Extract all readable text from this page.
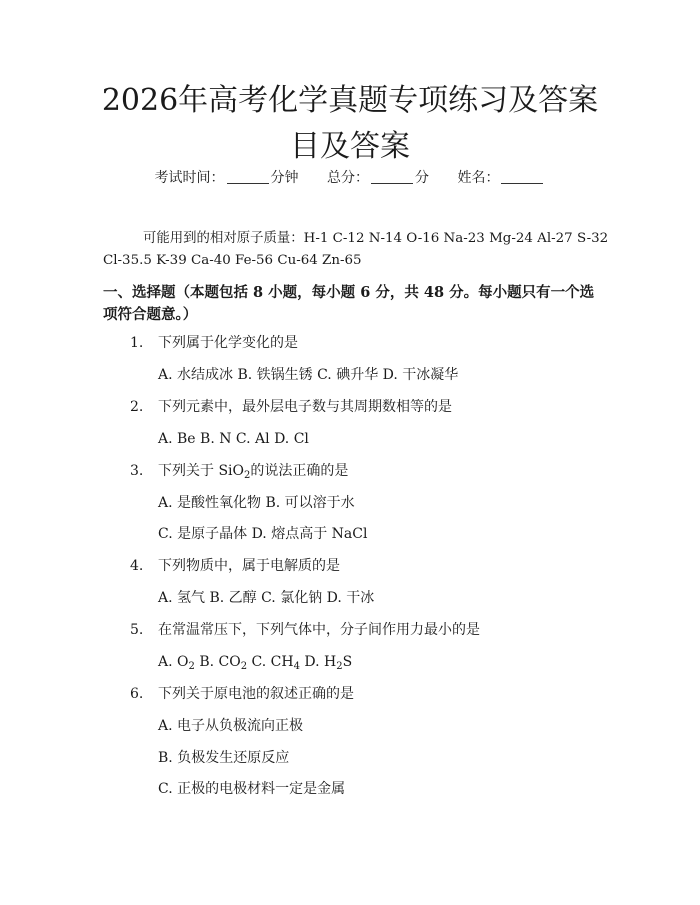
2026年高考化学真题专项练习及答案目及答案
考试时间：	分钟 总分：	分 姓名：
可能用到的相对原子质量：H-1 C-12 N-14 O-16 Na-23 Mg-24 Al-27 S-32
Cl-35.5 K-39 Ca-40 Fe-56 Cu-64 Zn-65
一、选择题（本题包括 8 小题，每小题 6 分，共 48 分。每小题只有一个选项符合题意。）
1. 下列属于化学变化的是
A. 水结成冰 B. 铁锅生锈 C. 碘升华 D. 干冰凝华
2. 下列元素中，最外层电子数与其周期数相等的是
A. Be B. N C. Al D. Cl
3. 下列关于 SiO$_2$的说法正确的是
A. 是酸性氧化物 B. 可以溶于水
C. 是原子晶体 D. 熔点高于 NaCl
4. 下列物质中，属于电解质的是
A. 氢气 B. 乙醇 C. 氯化钠 D. 干冰
5. 在常温常压下，下列气体中，分子间作用力最小的是
A. $O_2$ B. $CO_2$ C. $CH_4$ D. $H_2S$
6. 下列关于原电池的叙述正确的是
A. 电子从负极流向正极
B. 负极发生还原反应
C. 正极的电极材料一定是金属
